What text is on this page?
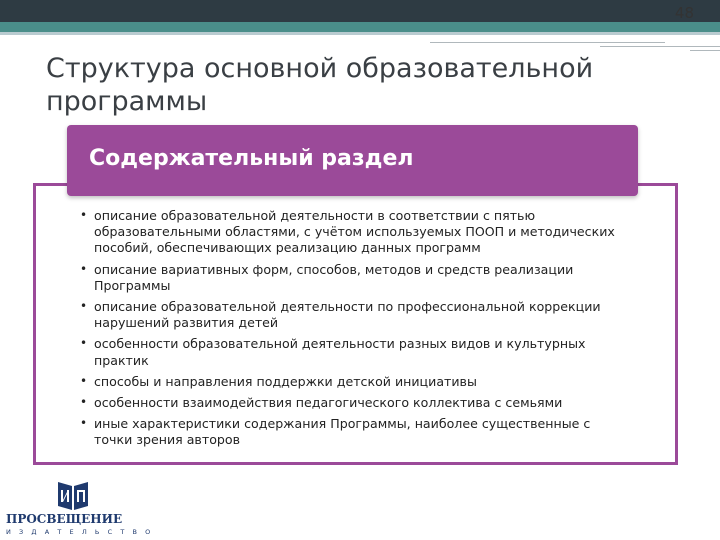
48
Структура основной образовательной программы
Содержательный раздел
• описание образовательной деятельности в соответствии с пятью образовательными областями, с учётом используемых ПООП и методических пособий, обеспечивающих реализацию данных программ
• описание вариативных форм, способов, методов и средств реализации Программы
• описание образовательной деятельности по профессиональной коррекции нарушений развития детей
• особенности образовательной деятельности разных видов и культурных практик
• способы и направления поддержки детской инициативы
• особенности взаимодействия педагогического коллектива с семьями
• иные характеристики содержания Программы, наиболее существенные с точки зрения авторов
ПРОСВЕЩЕНИЕ
ИЗДАТЕЛЬСТВО
